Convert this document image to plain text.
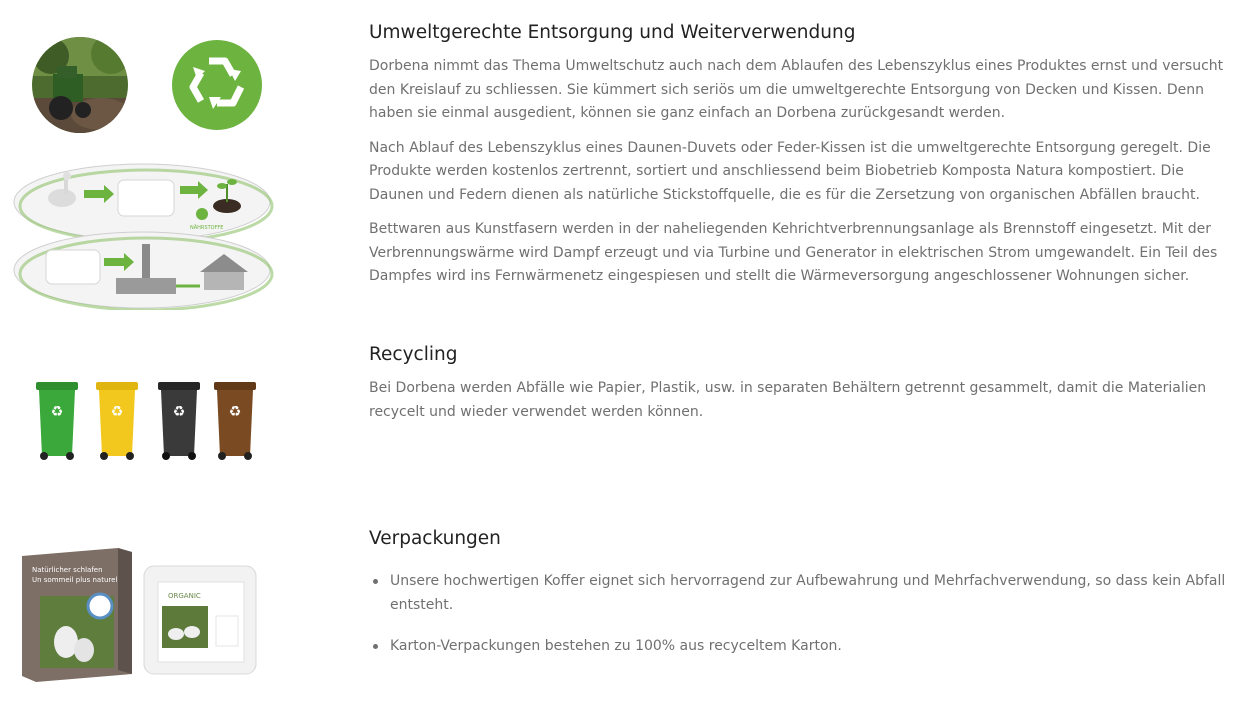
NÄHRSTOFFE
Umweltgerechte Entsorgung und Weiterverwendung

Dorbena nimmt das Thema Umweltschutz auch nach dem Ablaufen des Lebenszyklus eines Produktes ernst und versucht den Kreislauf zu schliessen. Sie kümmert sich seriös um die umweltgerechte Entsorgung von Decken und Kissen. Denn haben sie einmal ausgedient, können sie ganz einfach an Dorbena zurückgesandt werden.

Nach Ablauf des Lebenszyklus eines Daunen-Duvets oder Feder-Kissen ist die umweltgerechte Entsorgung geregelt. Die Produkte werden kostenlos zertrennt, sortiert und anschliessend beim Biobetrieb Komposta Natura kompostiert. Die Daunen und Federn dienen als natürliche Stickstoffquelle, die es für die Zersetzung von organischen Abfällen braucht.

Bettwaren aus Kunstfasern werden in der naheliegenden Kehrichtverbrennungsanlage als Brennstoff eingesetzt. Mit der Verbrennungswärme wird Dampf erzeugt und via Turbine und Generator in elektrischen Strom umgewandelt. Ein Teil des Dampfes wird ins Fernwärmenetz eingespiesen und stellt die Wärmeversorgung angeschlossener Wohnungen sicher.

♻	♻	♻	♻
Recycling

Bei Dorbena werden Abfälle wie Papier, Plastik, usw. in separaten Behältern getrennt gesammelt, damit die Materialien recycelt und wieder verwendet werden können.

Natürlicher schlafen
Un sommeil plus naturel
ORGANIC
Verpackungen
Unsere hochwertigen Koffer eignet sich hervorragend zur Aufbewahrung und Mehrfachverwendung, so dass kein Abfall entsteht.
Karton-Verpackungen bestehen zu 100% aus recyceltem Karton.
